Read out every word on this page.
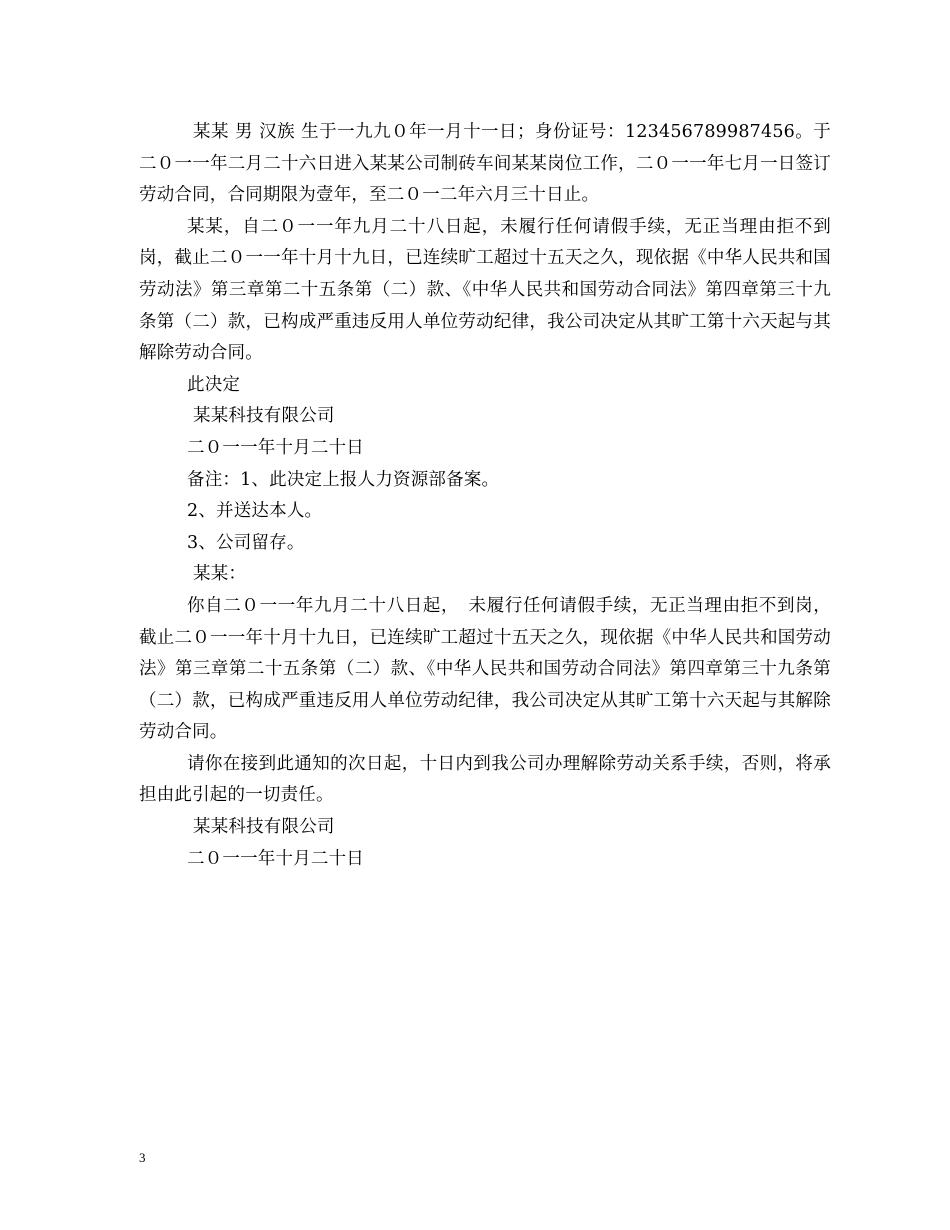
某某 男 汉族 生于一九九０年一月十一日；身份证号：123456789987456。于二０一一年二月二十六日进入某某公司制砖车间某某岗位工作，二０一一年七月一日签订劳动合同，合同期限为壹年，至二０一二年六月三十日止。

某某，自二０一一年九月二十八日起，未履行任何请假手续，无正当理由拒不到岗，截止二０一一年十月十九日，已连续旷工超过十五天之久，现依据《中华人民共和国劳动法》第三章第二十五条第（二）款、《中华人民共和国劳动合同法》第四章第三十九条第（二）款，已构成严重违反用人单位劳动纪律，我公司决定从其旷工第十六天起与其解除劳动合同。

此决定

某某科技有限公司

二０一一年十月二十日

备注：1、此决定上报人力资源部备案。

2、并送达本人。

3、公司留存。

某某：

你自二０一一年九月二十八日起，　未履行任何请假手续，无正当理由拒不到岗，截止二０一一年十月十九日，已连续旷工超过十五天之久，现依据《中华人民共和国劳动法》第三章第二十五条第（二）款、《中华人民共和国劳动合同法》第四章第三十九条第（二）款，已构成严重违反用人单位劳动纪律，我公司决定从其旷工第十六天起与其解除劳动合同。

请你在接到此通知的次日起，十日内到我公司办理解除劳动关系手续，否则，将承担由此引起的一切责任。

某某科技有限公司

二０一一年十月二十日

3
